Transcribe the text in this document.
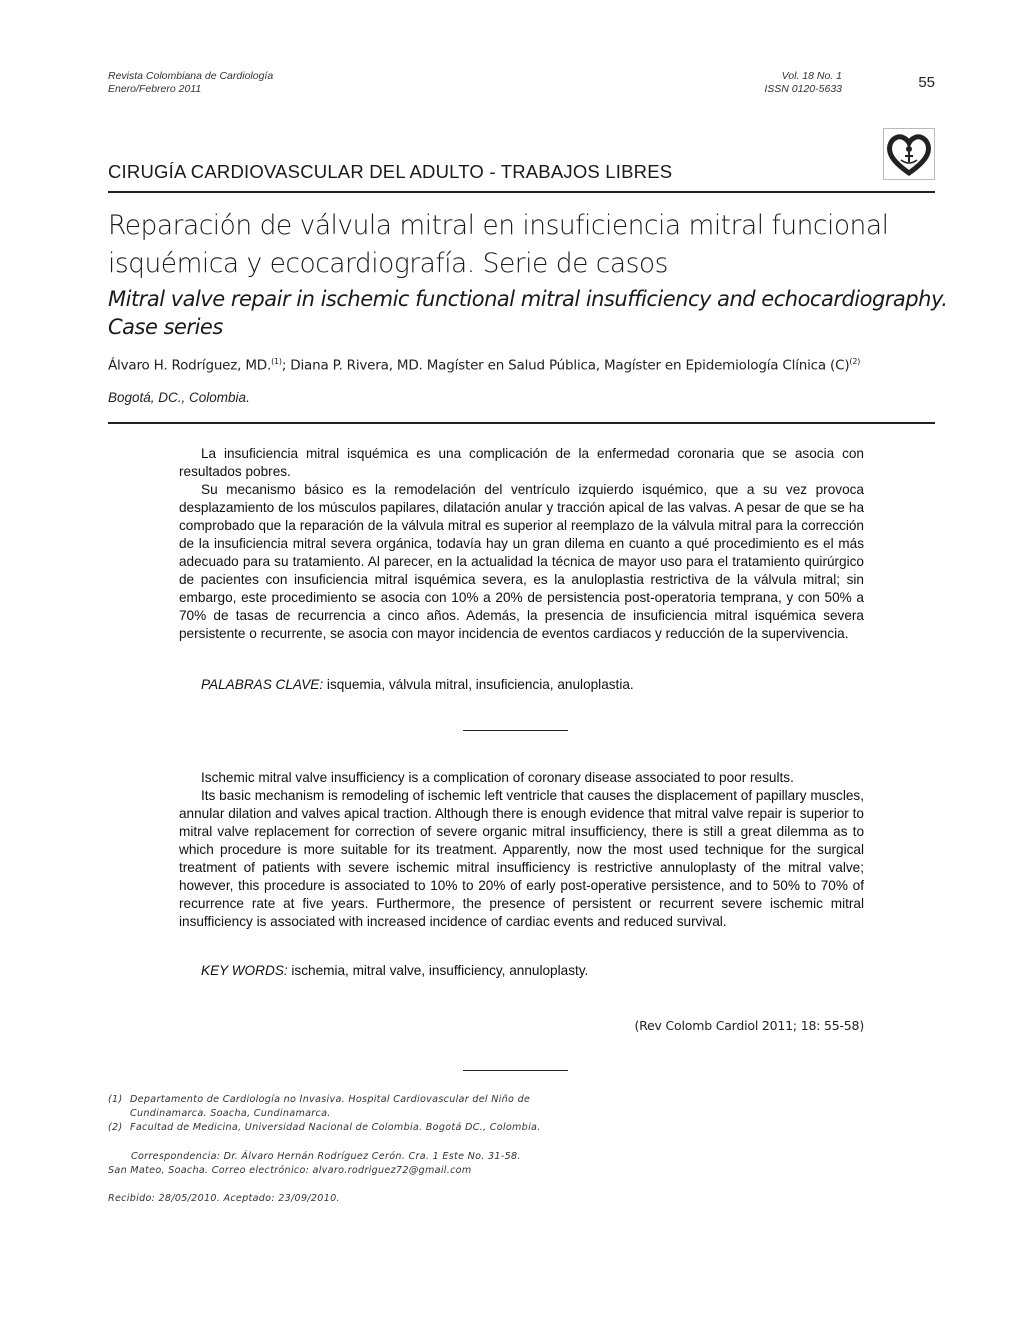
Revista Colombiana de Cardiología
Enero/Febrero 2011
Vol. 18 No. 1
ISSN 0120-5633	55
CIRUGÍA CARDIOVASCULAR DEL ADULTO - TRABAJOS LIBRES
Reparación de válvula mitral en insuficiencia mitral funcional
isquémica y ecocardiografía. Serie de casos
Mitral valve repair in ischemic functional mitral insufficiency and echocardiography.
Case series
Álvaro H. Rodríguez, MD.$^{(1)}$; Diana P. Rivera, MD. Magíster en Salud Pública, Magíster en Epidemiología Clínica $(C)^{(2)}$
Bogotá, DC., Colombia.

La insuficiencia mitral isquémica es una complicación de la enfermedad coronaria que se asocia con resultados pobres.

Su mecanismo básico es la remodelación del ventrículo izquierdo isquémico, que a su vez provoca desplazamiento de los músculos papilares, dilatación anular y tracción apical de las valvas. A pesar de que se ha comprobado que la reparación de la válvula mitral es superior al reemplazo de la válvula mitral para la corrección de la insuficiencia mitral severa orgánica, todavía hay un gran dilema en cuanto a qué procedimiento es el más adecuado para su tratamiento. Al parecer, en la actualidad la técnica de mayor uso para el tratamiento quirúrgico de pacientes con insuficiencia mitral isquémica severa, es la anuloplastia restrictiva de la válvula mitral; sin embargo, este procedimiento se asocia con 10% a 20% de persistencia post-operatoria temprana, y con 50% a 70% de tasas de recurrencia a cinco años. Además, la presencia de insuficiencia mitral isquémica severa persistente o recurrente, se asocia con mayor incidencia de eventos cardiacos y reducción de la supervivencia.

PALABRAS CLAVE: isquemia, válvula mitral, insuficiencia, anuloplastia.

Ischemic mitral valve insufficiency is a complication of coronary disease associated to poor results.

Its basic mechanism is remodeling of ischemic left ventricle that causes the displacement of papillary muscles, annular dilation and valves apical traction. Although there is enough evidence that mitral valve repair is superior to mitral valve replacement for correction of severe organic mitral insufficiency, there is still a great dilemma as to which procedure is more suitable for its treatment. Apparently, now the most used technique for the surgical treatment of patients with severe ischemic mitral insufficiency is restrictive annuloplasty of the mitral valve; however, this procedure is associated to 10% to 20% of early post-operative persistence, and to 50% to 70% of recurrence rate at five years. Furthermore, the presence of persistent or recurrent severe ischemic mitral insufficiency is associated with increased incidence of cardiac events and reduced survival.

KEY WORDS: ischemia, mitral valve, insufficiency, annuloplasty.
(Rev Colomb Cardiol 2011; 18: 55-58)
(1) Departamento de Cardiología no Invasiva. Hospital Cardiovascular del Niño de
Cundinamarca. Soacha, Cundinamarca.
(2) Facultad de Medicina, Universidad Nacional de Colombia. Bogotá DC., Colombia.
Correspondencia: Dr. Álvaro Hernán Rodríguez Cerón. Cra. 1 Este No. 31-58.
San Mateo, Soacha. Correo electrónico: alvaro.rodriguez72@gmail.com
Recibido: 28/05/2010. Aceptado: 23/09/2010.
